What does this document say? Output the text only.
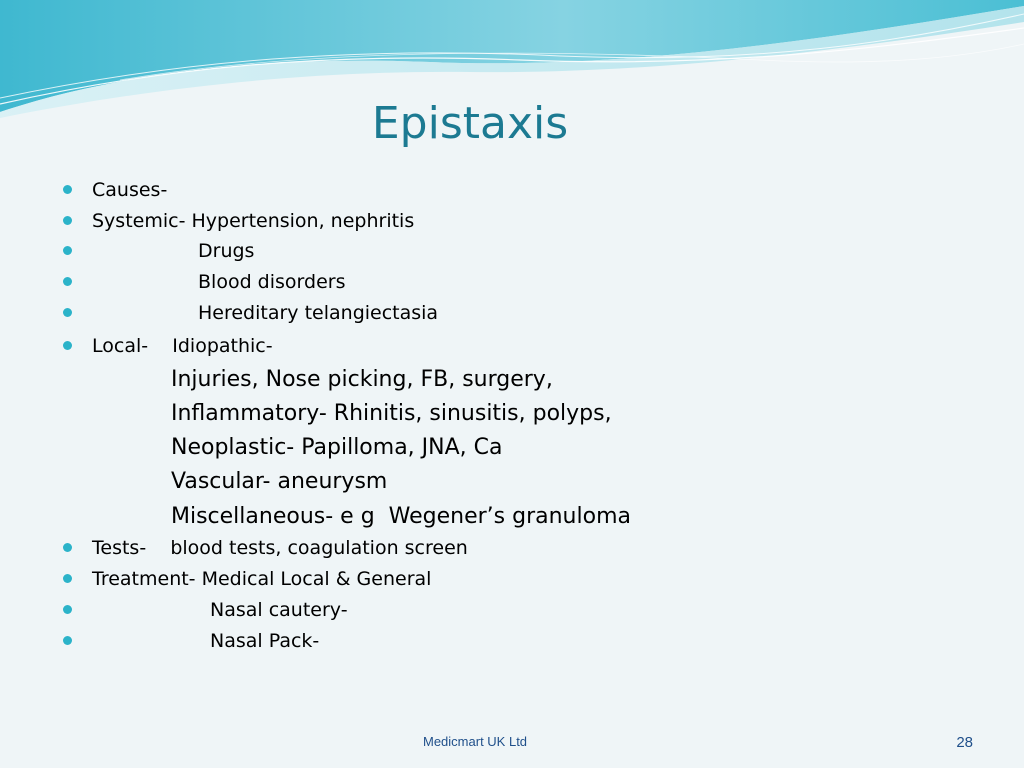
Epistaxis

Causes-

Systemic- Hypertension, nephritis

Drugs

Blood disorders

Hereditary telangiectasia

Local-    Idiopathic-

Injuries, Nose picking, FB, surgery,

Inflammatory- Rhinitis, sinusitis, polyps,

Neoplastic- Papilloma, JNA, Ca

Vascular- aneurysm

Miscellaneous- e g  Wegener’s granuloma

Tests-    blood tests, coagulation screen

Treatment- Medical Local & General

Nasal cautery-

Nasal Pack-

Medicmart UK Ltd	28
